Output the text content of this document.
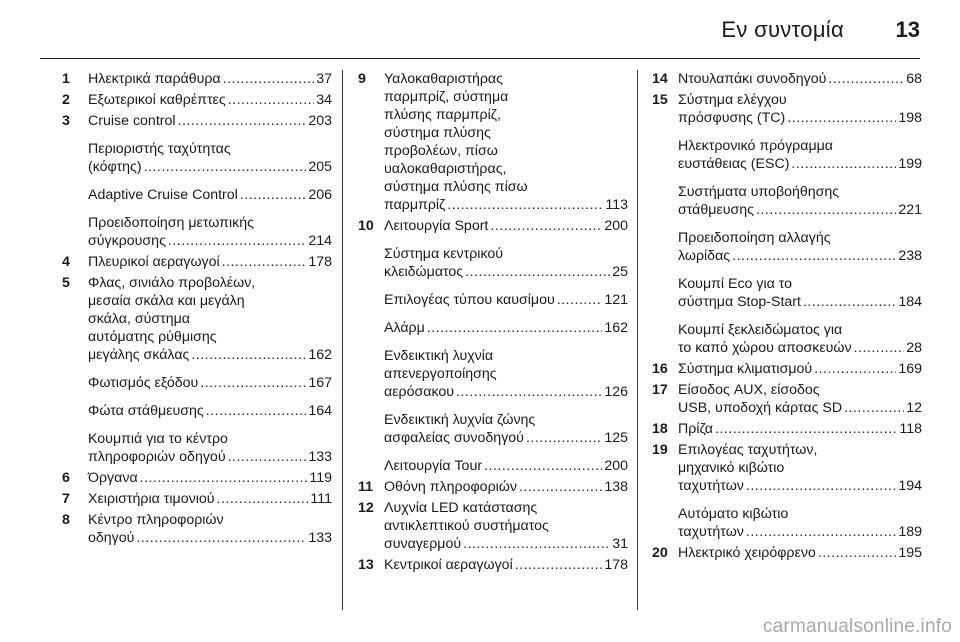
Εν συντομία 13
1 Ηλεκτρικά παράθυρα .....	37
2 Εξωτερικοί καθρέπτες .....	34
3 Cruise control .....	203
Περιοριστής ταχύτητας
(κόφτης) .....	205
Adaptive Cruise Control .....	206
Προειδοποίηση μετωπικής
σύγκρουσης .....	214
4 Πλευρικοί αεραγωγοί .....	178
5 Φλας, σινιάλο προβολέων,
μεσαία σκάλα και μεγάλη
σκάλα, σύστημα
αυτόματης ρύθμισης
μεγάλης σκάλας .....	162
Φωτισμός εξόδου .....	167
Φώτα στάθμευσης .....	164
Κουμπιά για το κέντρο
πληροφοριών οδηγού .....	133
6 Όργανα .....	119
7 Χειριστήρια τιμονιού .....	111
8 Κέντρο πληροφοριών
οδηγού .....	133
9 Υαλοκαθαριστήρας
παρμπρίζ, σύστημα
πλύσης παρμπρίζ,
σύστημα πλύσης
προβολέων, πίσω
υαλοκαθαριστήρας,
σύστημα πλύσης πίσω
παρμπρίζ .....	113
10 Λειτουργία Sport .....	200
Σύστημα κεντρικού
κλειδώματος .....	25
Επιλογέας τύπου καυσίμου .....	121
Αλάρμ .....	162
Ενδεικτική λυχνία
απενεργοποίησης
αερόσακου .....	126
Ενδεικτική λυχνία ζώνης
ασφαλείας συνοδηγού .....	125
Λειτουργία Tour .....	200
11 Οθόνη πληροφοριών .....	138
12 Λυχνία LED κατάστασης
αντικλεπτικού συστήματος
συναγερμού .....	31
13 Κεντρικοί αεραγωγοί .....	178
14 Ντουλαπάκι συνοδηγού .....	68
15 Σύστημα ελέγχου
πρόσφυσης (TC) .....	198
Ηλεκτρονικό πρόγραμμα
ευστάθειας (ESC) .....	199
Συστήματα υποβοήθησης
στάθμευσης .....	221
Προειδοποίηση αλλαγής
λωρίδας .....	238
Κουμπί Eco για το
σύστημα Stop-Start .....	184
Κουμπί ξεκλειδώματος για
το καπό χώρου αποσκευών .....	28
16 Σύστημα κλιματισμού .....	169
17 Είσοδος AUX, είσοδος
USB, υποδοχή κάρτας SD .....	12
18 Πρίζα .....	118
19 Επιλογέας ταχυτήτων,
μηχανικό κιβώτιο
ταχυτήτων .....	194
Αυτόματο κιβώτιο
ταχυτήτων .....	189
20 Ηλεκτρικό χειρόφρενο .....	195
carmanualsonline.info
